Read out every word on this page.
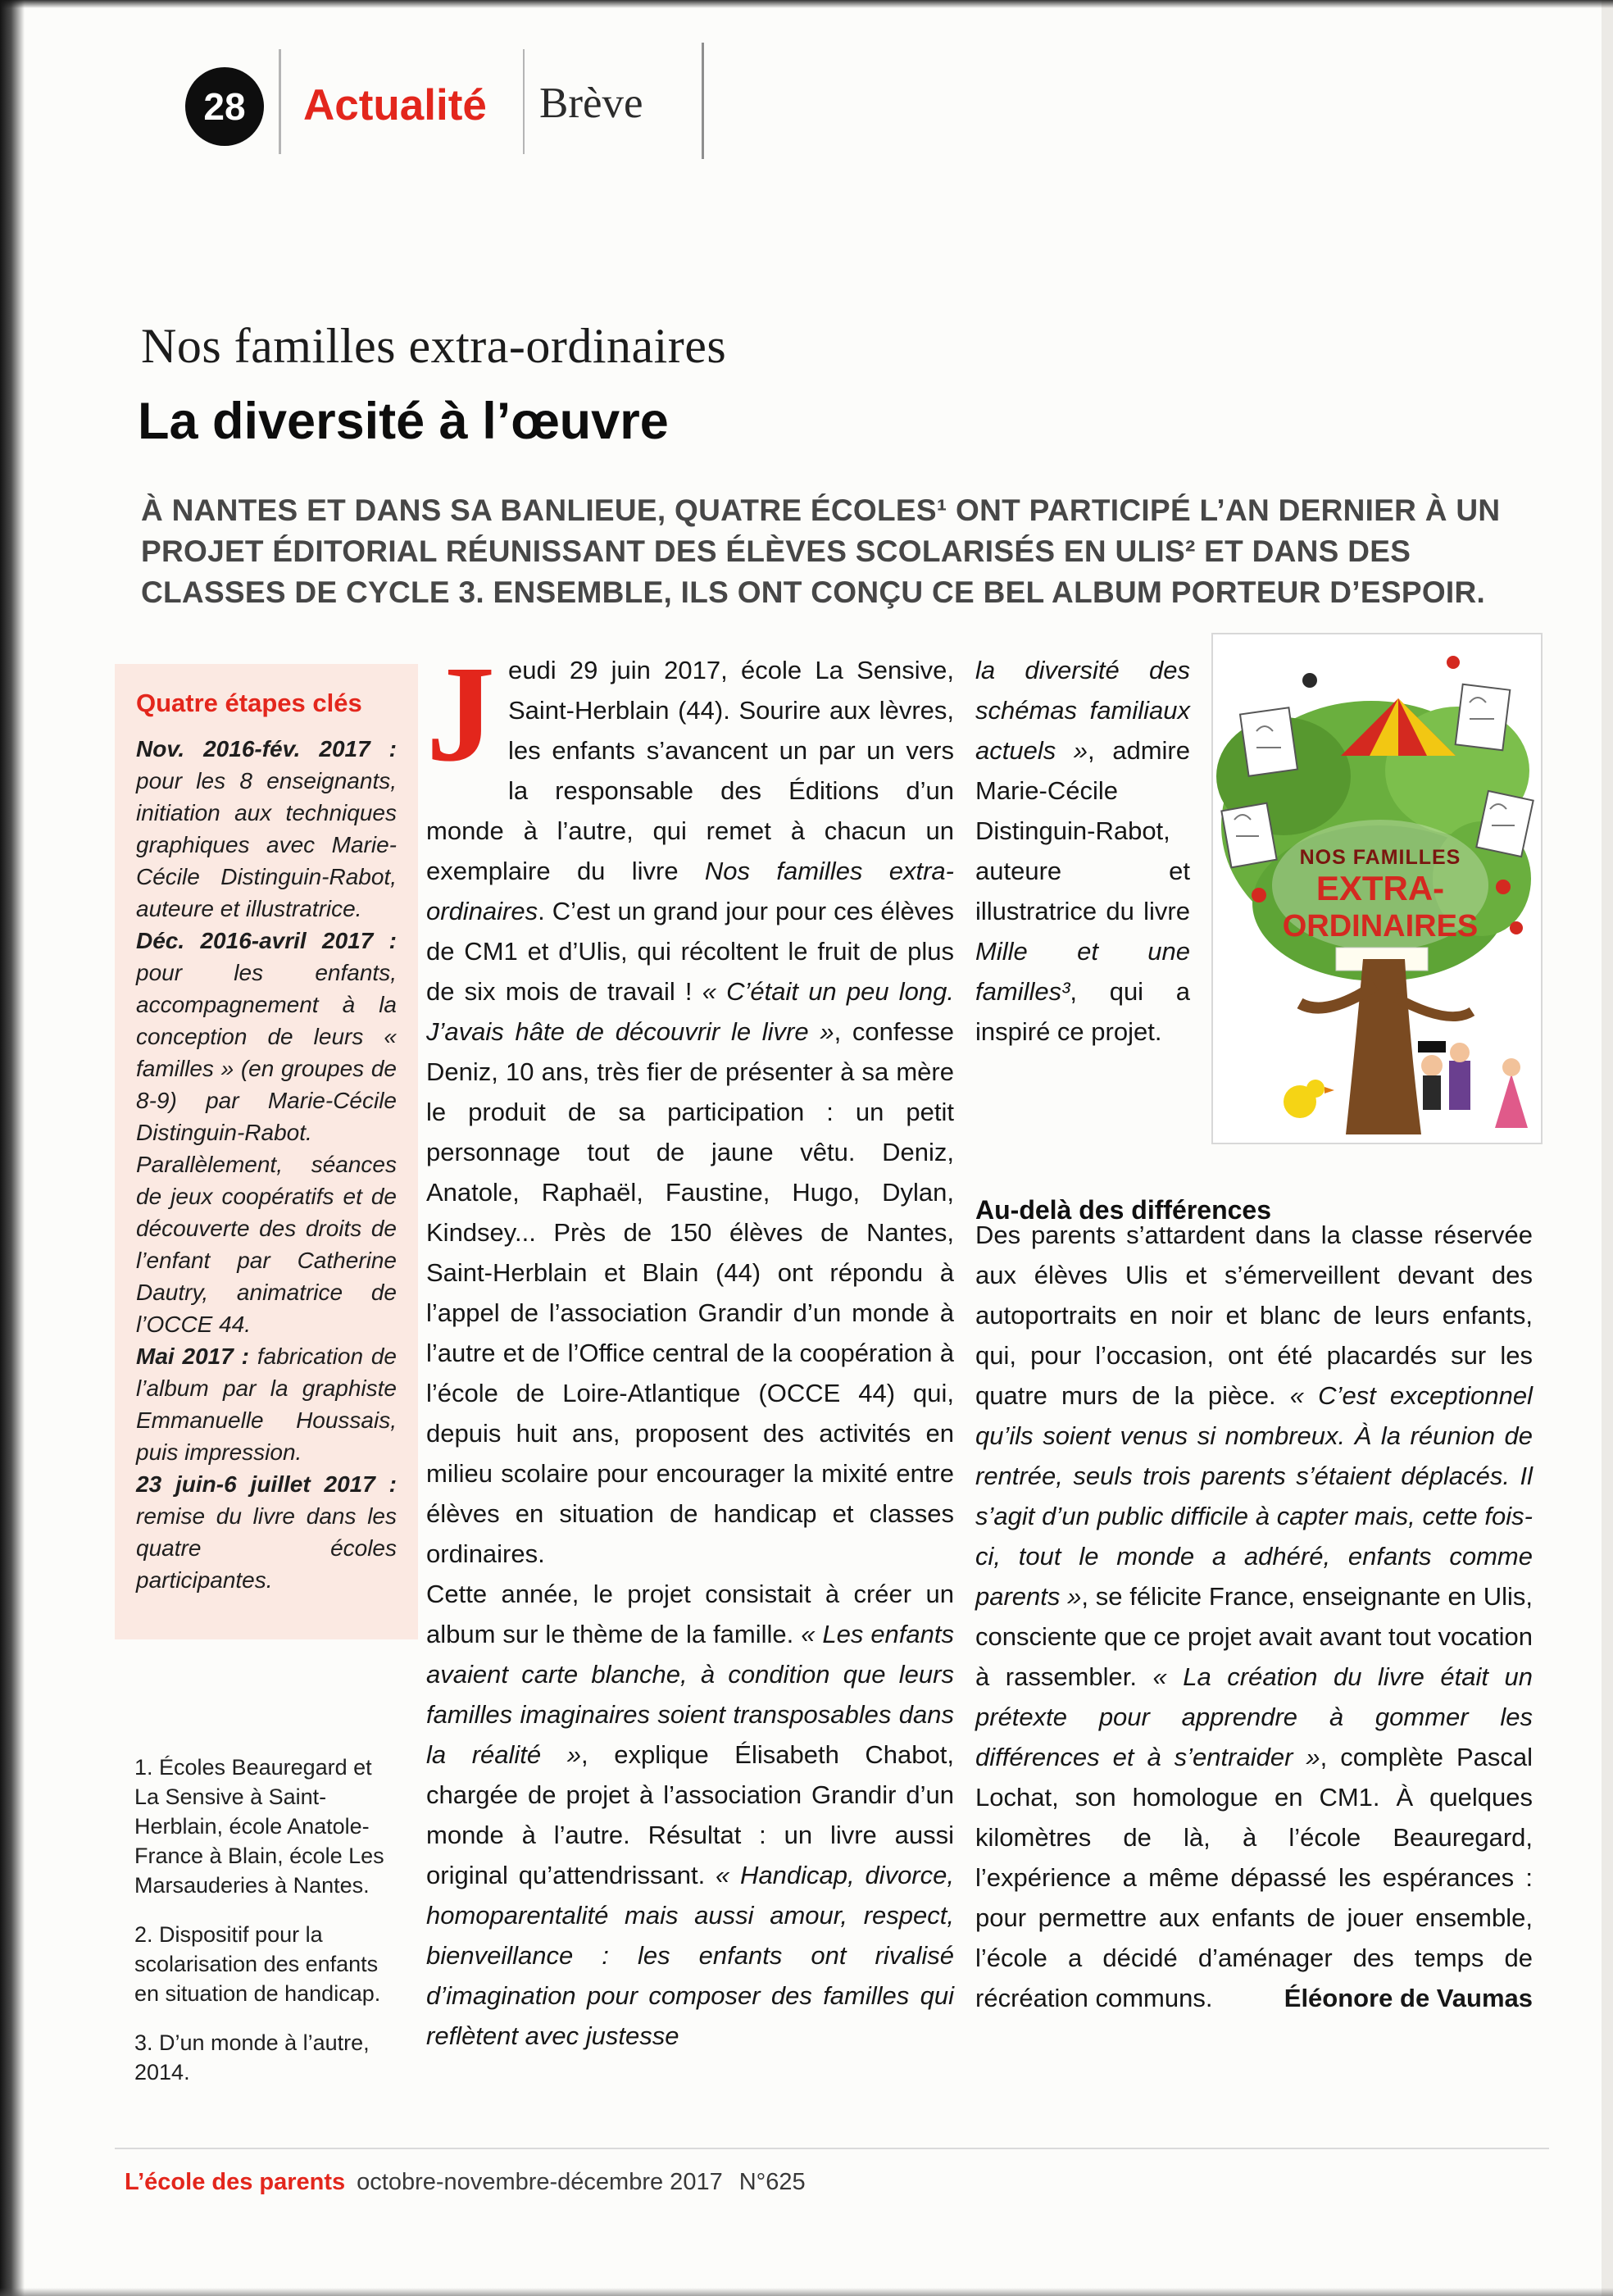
28 Actualité Brève
Nos familles extra-ordinaires
La diversité à l’œuvre
À NANTES ET DANS SA BANLIEUE, QUATRE ÉCOLES¹ ONT PARTICIPÉ L’AN DERNIER À UN PROJET ÉDITORIAL RÉUNISSANT DES ÉLÈVES SCOLARISÉS EN ULIS² ET DANS DES CLASSES DE CYCLE 3. ENSEMBLE, ILS ONT CONÇU CE BEL ALBUM PORTEUR D’ESPOIR.
Quatre étapes clés

Nov. 2016-fév. 2017 : pour les 8 enseignants, initiation aux techniques graphiques avec Marie-Cécile Distinguin-Rabot, auteure et illustratrice.

Déc. 2016-avril 2017 : pour les enfants, accompagnement à la conception de leurs « familles » (en groupes de 8-9) par Marie-Cécile Distinguin-Rabot. Parallèlement, séances de jeux coopératifs et de découverte des droits de l’enfant par Catherine Dautry, animatrice de l’OCCE 44.

Mai 2017 : fabrication de l’album par la graphiste Emmanuelle Houssais, puis impression.

23 juin-6 juillet 2017 : remise du livre dans les quatre écoles participantes.

1. Écoles Beauregard et La Sensive à Saint-Herblain, école Anatole-France à Blain, école Les Marsauderies à Nantes.

2. Dispositif pour la scolarisation des enfants en situation de handicap.

3. D’un monde à l’autre, 2014.

Jeudi 29 juin 2017, école La Sensive, Saint-Herblain (44). Sourire aux lèvres, les enfants s’avancent un par un vers la responsable des Éditions d’un monde à l’autre, qui remet à chacun un exemplaire du livre Nos familles extra-ordinaires. C’est un grand jour pour ces élèves de CM1 et d’Ulis, qui récoltent le fruit de plus de six mois de travail ! « C’était un peu long. J’avais hâte de découvrir le livre », confesse Deniz, 10 ans, très fier de présenter à sa mère le produit de sa participation : un petit personnage tout de jaune vêtu. Deniz, Anatole, Raphaël, Faustine, Hugo, Dylan, Kindsey... Près de 150 élèves de Nantes, Saint-Herblain et Blain (44) ont répondu à l’appel de l’association Grandir d’un monde à l’autre et de l’Office central de la coopération à l’école de Loire-Atlantique (OCCE 44) qui, depuis huit ans, proposent des activités en milieu scolaire pour encourager la mixité entre élèves en situation de handicap et classes ordinaires.

Cette année, le projet consistait à créer un album sur le thème de la famille. « Les enfants avaient carte blanche, à condition que leurs familles imaginaires soient transposables dans la réalité », explique Élisabeth Chabot, chargée de projet à l’association Grandir d’un monde à l’autre. Résultat : un livre aussi original qu’attendrissant. « Handicap, divorce, homoparentalité mais aussi amour, respect, bienveillance : les enfants ont rivalisé d’imagination pour composer des familles qui reflètent avec justesse

la diversité des schémas familiaux actuels », admire Marie-Cécile Distinguin-Rabot, auteure et illustratrice du livre Mille et une familles³, qui a inspiré ce projet.
NOS FAMILLES
EXTRA-
ORDINAIRES
Au-delà des différences

Des parents s’attardent dans la classe réservée aux élèves Ulis et s’émerveillent devant des autoportraits en noir et blanc de leurs enfants, qui, pour l’occasion, ont été placardés sur les quatre murs de la pièce. « C’est exceptionnel qu’ils soient venus si nombreux. À la réunion de rentrée, seuls trois parents s’étaient déplacés. Il s’agit d’un public difficile à capter mais, cette fois-ci, tout le monde a adhéré, enfants comme parents », se félicite France, enseignante en Ulis, consciente que ce projet avait avant tout vocation à rassembler. « La création du livre était un prétexte pour apprendre à gommer les différences et à s’entraider », complète Pascal Lochat, son homologue en CM1. À quelques kilomètres de là, à l’école Beauregard, l’expérience a même dépassé les espérances : pour permettre aux enfants de jouer ensemble, l’école a décidé d’aménager des temps de récréation communs.	Éléonore de Vaumas

L’école des parents octobre-novembre-décembre 2017 N°625
